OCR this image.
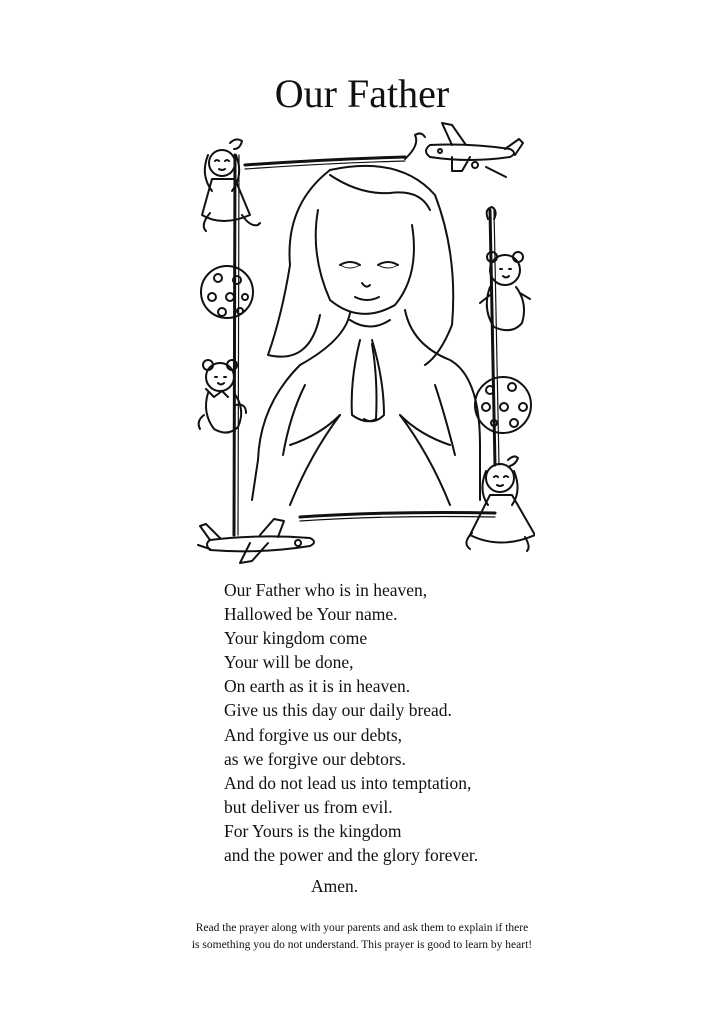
Our Father
Our Father who is in heaven,
Hallowed be Your name.
Your kingdom come
Your will be done,
On earth as it is in heaven.
Give us this day our daily bread.
And forgive us our debts,
as we forgive our debtors.
And do not lead us into temptation,
but deliver us from evil.
For Yours is the kingdom
and the power and the glory forever.
Amen.
Read the prayer along with your parents and ask them to explain if there
is something you do not understand. This prayer is good to learn by heart!
